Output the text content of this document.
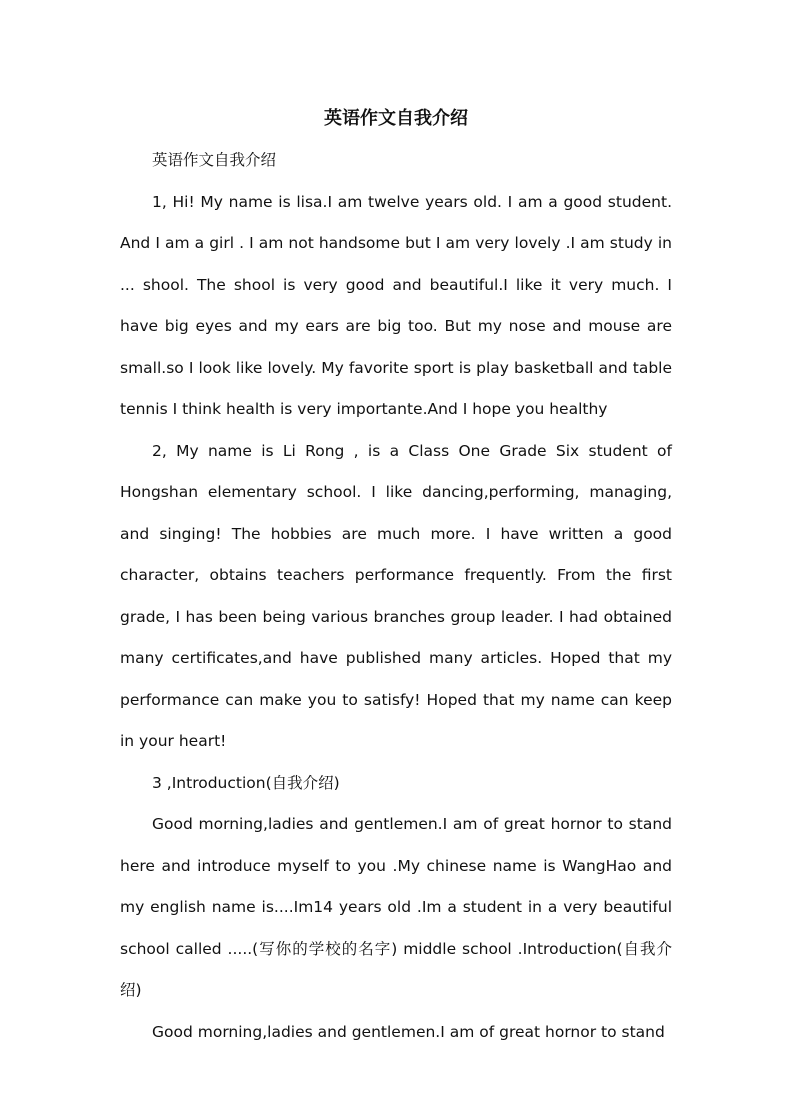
英语作文自我介绍

英语作文自我介绍

1, Hi! My name is lisa.I am twelve years old. I am a good student. And I am a girl . I am not handsome but I am very lovely .I am study in ... shool. The shool is very good and beautiful.I like it very much. I have big eyes and my ears are big too. But my nose and mouse are small.so I look like lovely. My favorite sport is play basketball and table tennis I think health is very importante.And I hope you healthy

2, My name is Li Rong , is a Class One Grade Six student of Hongshan elementary school. I like dancing,performing, managing, and singing! The hobbies are much more. I have written a good character, obtains teachers performance frequently. From the first grade, I has been being various branches group leader. I had obtained many certificates,and have published many articles. Hoped that my performance can make you to satisfy! Hoped that my name can keep in your heart!

3 ,Introduction(自我介绍)

Good morning,ladies and gentlemen.I am of great hornor to stand here and introduce myself to you .My chinese name is WangHao and my english name is....Im14 years old .Im a student in a very beautiful school called .....(写你的学校的名字) middle school .Introduction(自我介绍)

Good morning,ladies and gentlemen.I am of great hornor to stand
